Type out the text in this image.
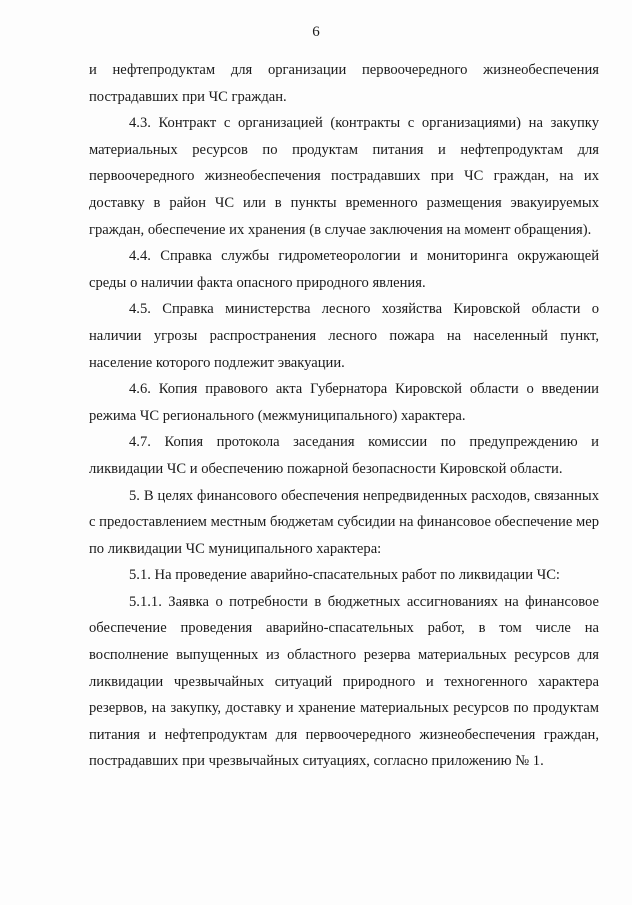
6

и нефтепродуктам для организации первоочередного жизнеобеспечения пострадавших при ЧС граждан.

4.3. Контракт с организацией (контракты с организациями) на закупку материальных ресурсов по продуктам питания и нефтепродуктам для первоочередного жизнеобеспечения пострадавших при ЧС граждан, на их доставку в район ЧС или в пункты временного размещения эвакуируемых граждан, обеспечение их хранения (в случае заключения на момент обращения).

4.4. Справка службы гидрометеорологии и мониторинга окружающей среды о наличии факта опасного природного явления.

4.5. Справка министерства лесного хозяйства Кировской области о наличии угрозы распространения лесного пожара на населенный пункт, население которого подлежит эвакуации.

4.6. Копия правового акта Губернатора Кировской области о введении режима ЧС регионального (межмуниципального) характера.

4.7. Копия протокола заседания комиссии по предупреждению и ликвидации ЧС и обеспечению пожарной безопасности Кировской области.

5. В целях финансового обеспечения непредвиденных расходов, связанных с предоставлением местным бюджетам субсидии на финансовое обеспечение мер по ликвидации ЧС муниципального характера:

5.1. На проведение аварийно-спасательных работ по ликвидации ЧС:

5.1.1. Заявка о потребности в бюджетных ассигнованиях на финансовое обеспечение проведения аварийно-спасательных работ, в том числе на восполнение выпущенных из областного резерва материальных ресурсов для ликвидации чрезвычайных ситуаций природного и техногенного характера резервов, на закупку, доставку и хранение материальных ресурсов по продуктам питания и нефтепродуктам для первоочередного жизнеобеспечения граждан, пострадавших при чрезвычайных ситуациях, согласно приложению № 1.
